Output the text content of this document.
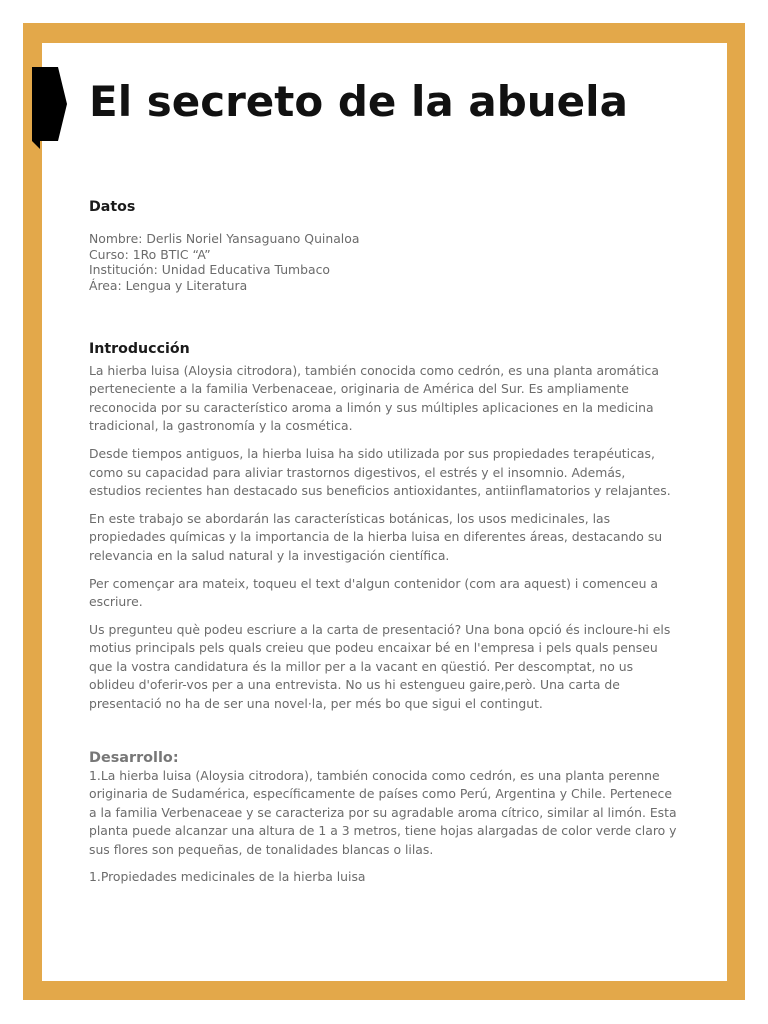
El secreto de la abuela
Datos
Nombre: Derlis Noriel Yansaguano Quinaloa
Curso: 1Ro BTIC “A”
Institución: Unidad Educativa Tumbaco
Área: Lengua y Literatura
Introducción

La hierba luisa (Aloysia citrodora), también conocida como cedrón, es una planta aromática perteneciente a la familia Verbenaceae, originaria de América del Sur. Es ampliamente reconocida por su característico aroma a limón y sus múltiples aplicaciones en la medicina tradicional, la gastronomía y la cosmética.

Desde tiempos antiguos, la hierba luisa ha sido utilizada por sus propiedades terapéuticas, como su capacidad para aliviar trastornos digestivos, el estrés y el insomnio. Además, estudios recientes han destacado sus beneficios antioxidantes, antiinflamatorios y relajantes.

En este trabajo se abordarán las características botánicas, los usos medicinales, las propiedades químicas y la importancia de la hierba luisa en diferentes áreas, destacando su relevancia en la salud natural y la investigación científica.

Per començar ara mateix, toqueu el text d'algun contenidor (com ara aquest) i comenceu a escriure.

Us pregunteu què podeu escriure a la carta de presentació? Una bona opció és incloure-hi els motius principals pels quals creieu que podeu encaixar bé en l'empresa i pels quals penseu que la vostra candidatura és la millor per a la vacant en qüestió. Per descomptat, no us oblideu d'oferir-vos per a una entrevista. No us hi estengueu gaire,però. Una carta de presentació no ha de ser una novel·la, per més bo que sigui el contingut.

Desarrollo:

1.La hierba luisa (Aloysia citrodora), también conocida como cedrón, es una planta perenne originaria de Sudamérica, específicamente de países como Perú, Argentina y Chile. Pertenece a la familia Verbenaceae y se caracteriza por su agradable aroma cítrico, similar al limón. Esta planta puede alcanzar una altura de 1 a 3 metros, tiene hojas alargadas de color verde claro y sus flores son pequeñas, de tonalidades blancas o lilas.

1.Propiedades medicinales de la hierba luisa
